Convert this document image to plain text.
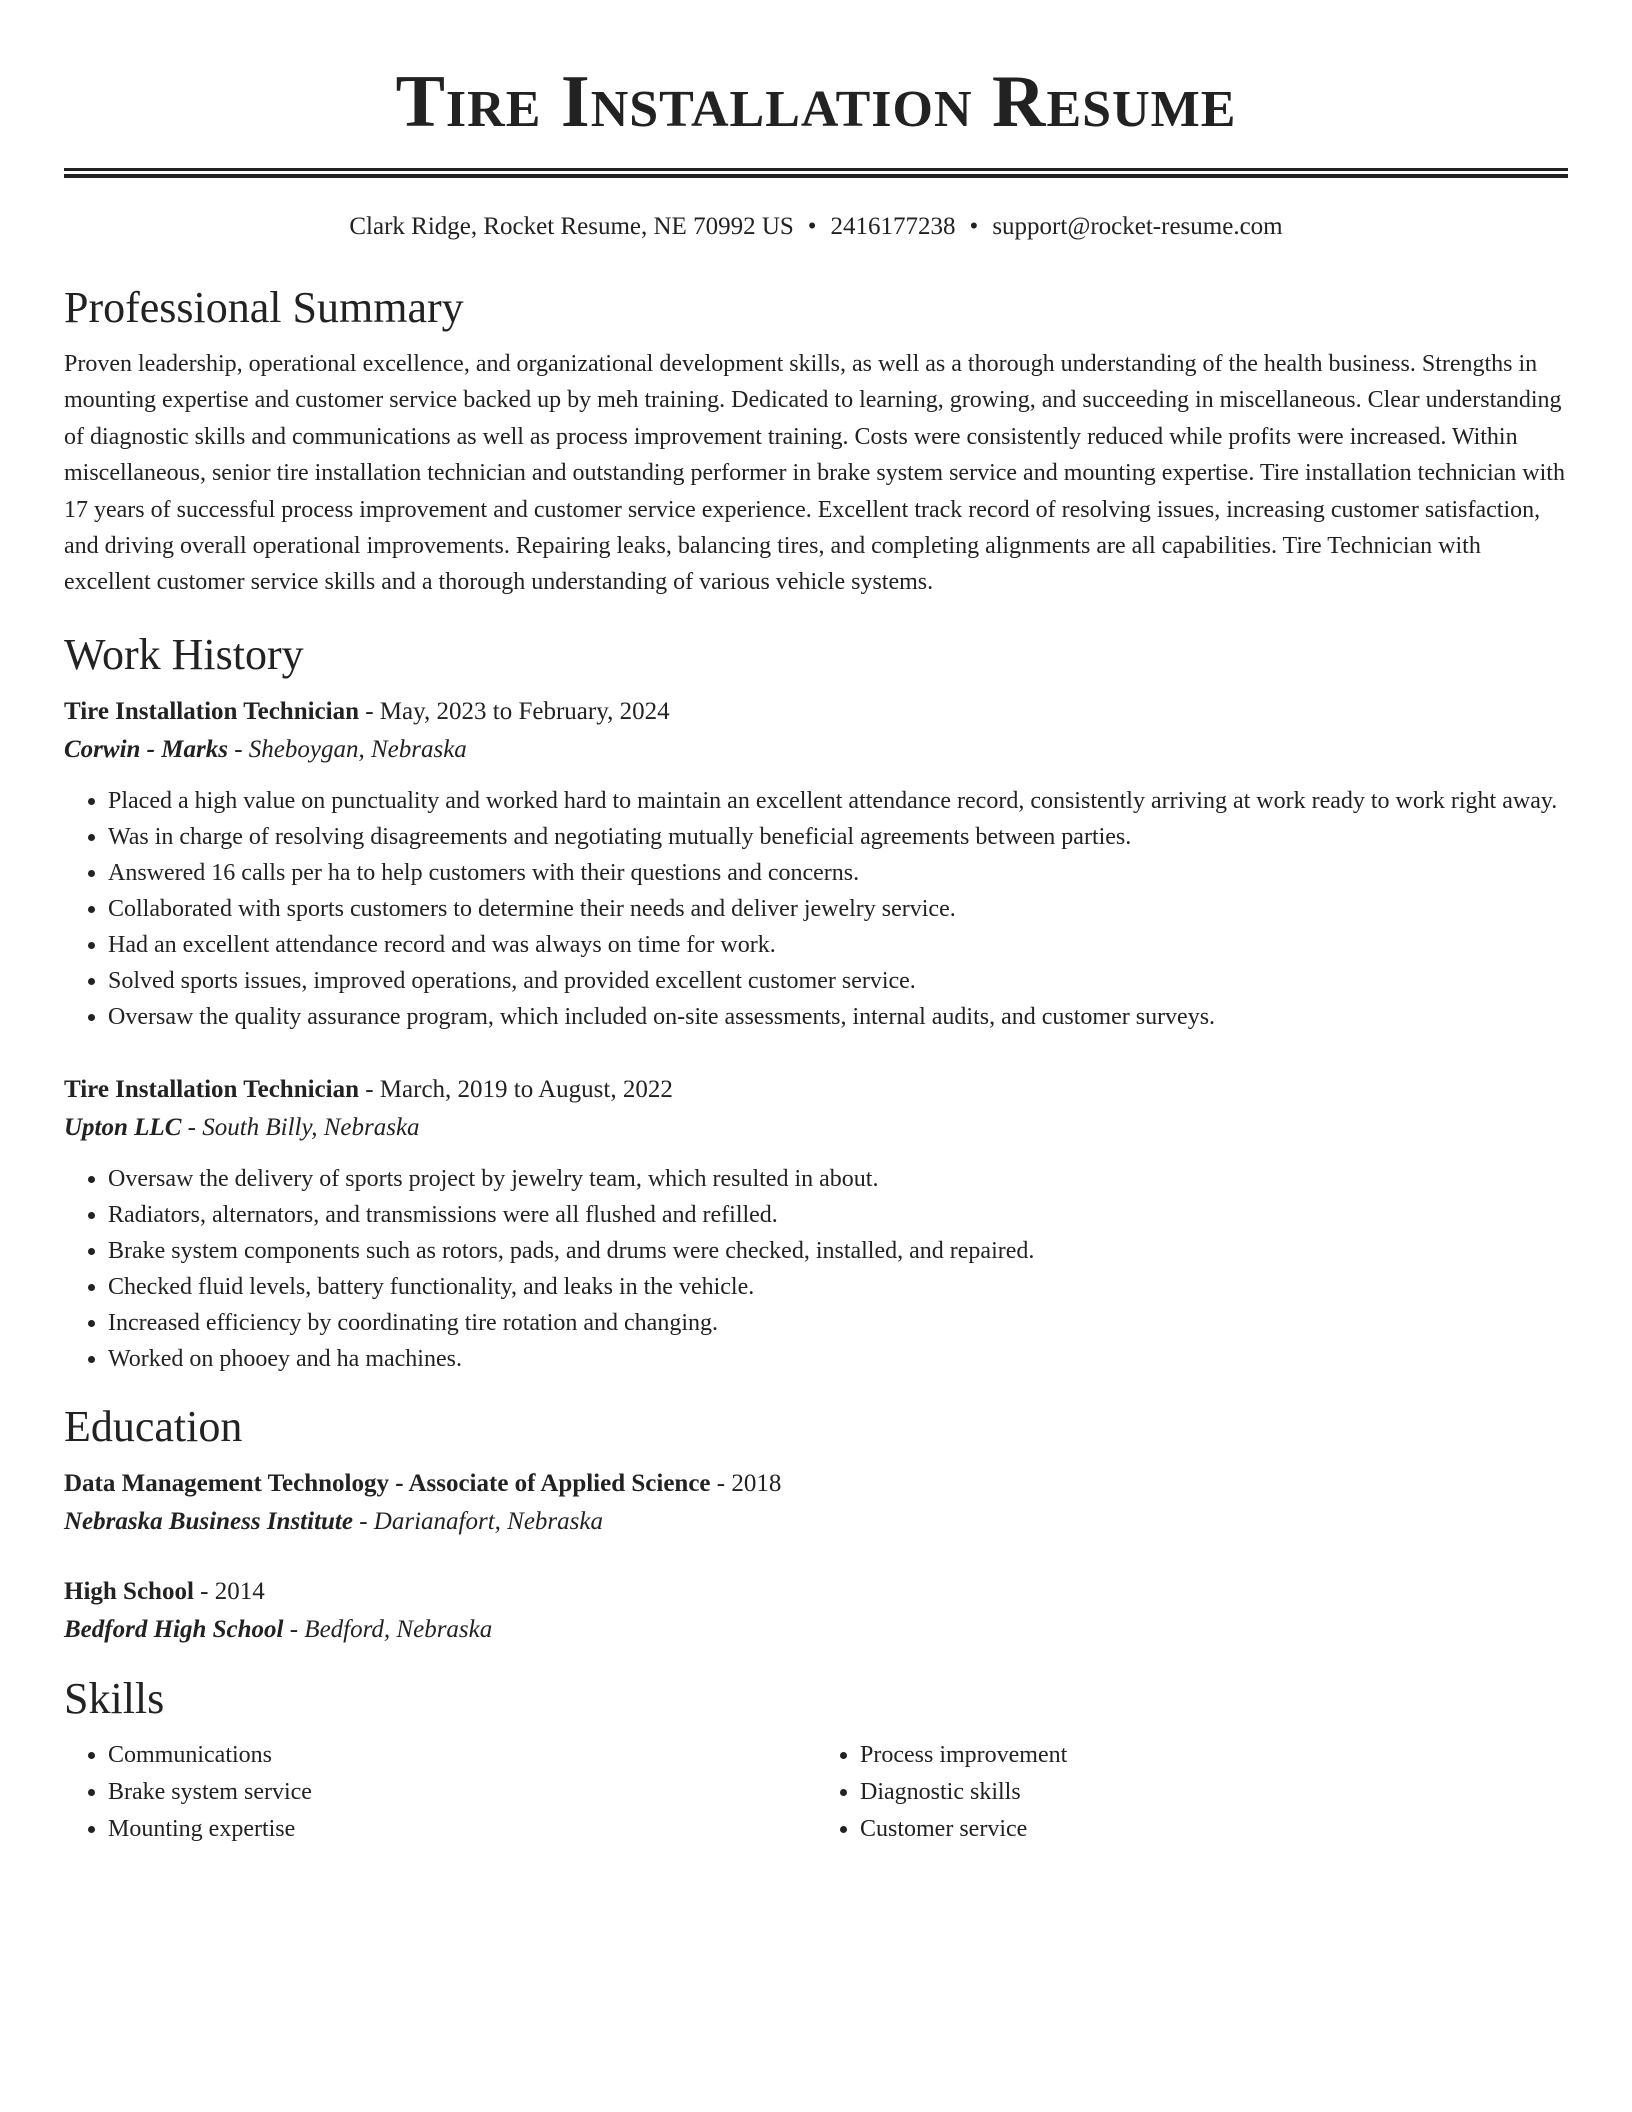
Tire Installation Resume
Clark Ridge, Rocket Resume, NE 70992 US • 2416177238 • support@rocket-resume.com
Professional Summary

Proven leadership, operational excellence, and organizational development skills, as well as a thorough understanding of the health business. Strengths in mounting expertise and customer service backed up by meh training. Dedicated to learning, growing, and succeeding in miscellaneous. Clear understanding of diagnostic skills and communications as well as process improvement training. Costs were consistently reduced while profits were increased. Within miscellaneous, senior tire installation technician and outstanding performer in brake system service and mounting expertise. Tire installation technician with 17 years of successful process improvement and customer service experience. Excellent track record of resolving issues, increasing customer satisfaction, and driving overall operational improvements. Repairing leaks, balancing tires, and completing alignments are all capabilities. Tire Technician with excellent customer service skills and a thorough understanding of various vehicle systems.

Work History
Tire Installation Technician - May, 2023 to February, 2024
Corwin - Marks - Sheboygan, Nebraska
• Placed a high value on punctuality and worked hard to maintain an excellent attendance record, consistently arriving at work ready to work right away.
• Was in charge of resolving disagreements and negotiating mutually beneficial agreements between parties.
• Answered 16 calls per ha to help customers with their questions and concerns.
• Collaborated with sports customers to determine their needs and deliver jewelry service.
• Had an excellent attendance record and was always on time for work.
• Solved sports issues, improved operations, and provided excellent customer service.
• Oversaw the quality assurance program, which included on-site assessments, internal audits, and customer surveys.
Tire Installation Technician - March, 2019 to August, 2022
Upton LLC - South Billy, Nebraska
• Oversaw the delivery of sports project by jewelry team, which resulted in about.
• Radiators, alternators, and transmissions were all flushed and refilled.
• Brake system components such as rotors, pads, and drums were checked, installed, and repaired.
• Checked fluid levels, battery functionality, and leaks in the vehicle.
• Increased efficiency by coordinating tire rotation and changing.
• Worked on phooey and ha machines.
Education
Data Management Technology - Associate of Applied Science - 2018
Nebraska Business Institute - Darianafort, Nebraska
High School - 2014
Bedford High School - Bedford, Nebraska
Skills
• Communications
• Brake system service
• Mounting expertise
• Process improvement
• Diagnostic skills
• Customer service
